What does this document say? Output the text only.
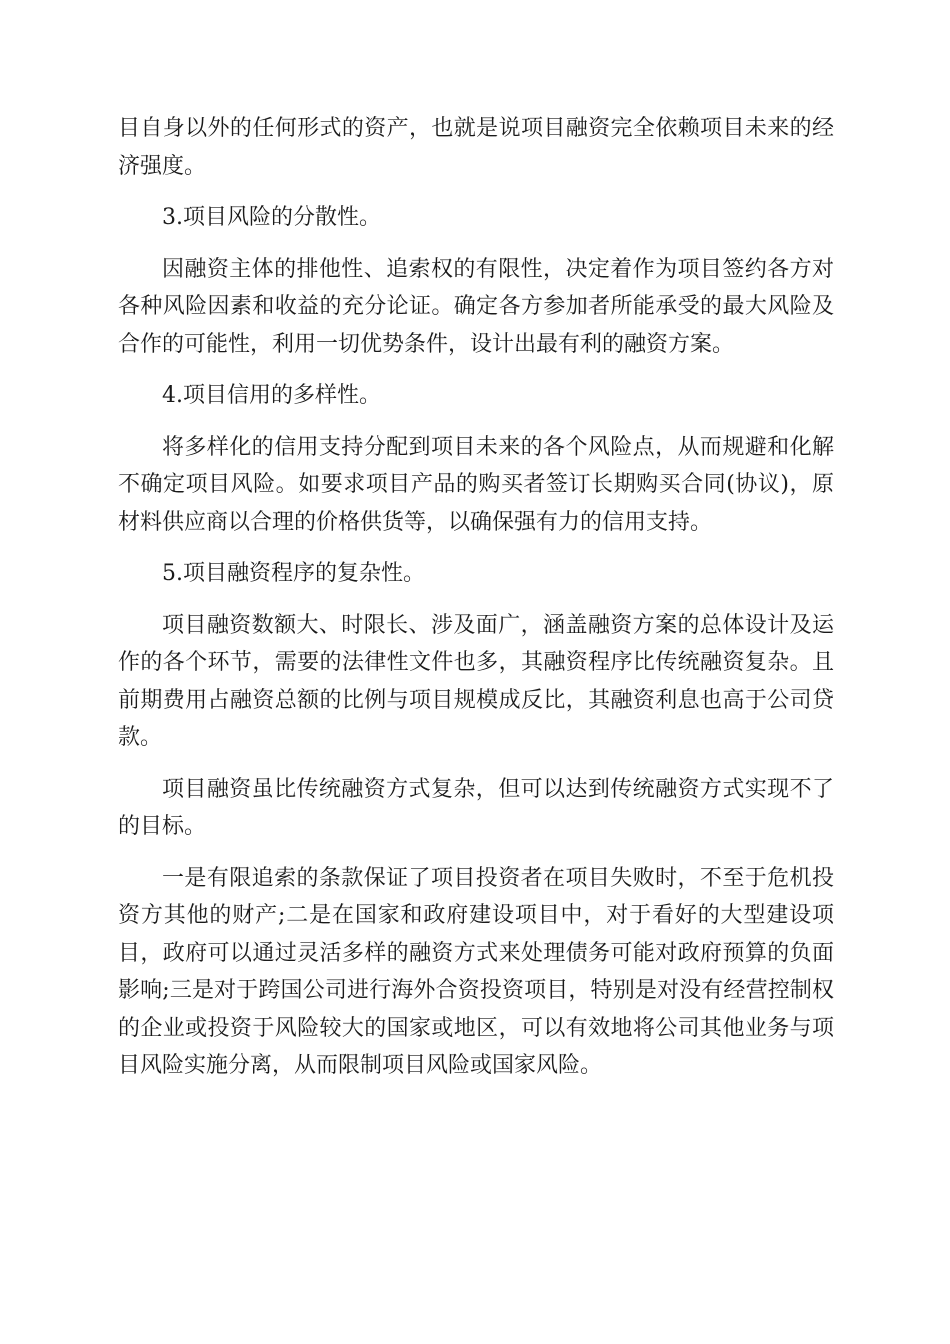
目自身以外的任何形式的资产，也就是说项目融资完全依赖项目未来的经济强度。

3.项目风险的分散性。

因融资主体的排他性、追索权的有限性，决定着作为项目签约各方对各种风险因素和收益的充分论证。确定各方参加者所能承受的最大风险及合作的可能性，利用一切优势条件，设计出最有利的融资方案。

4.项目信用的多样性。

将多样化的信用支持分配到项目未来的各个风险点，从而规避和化解不确定项目风险。如要求项目产品的购买者签订长期购买合同(协议)，原材料供应商以合理的价格供货等，以确保强有力的信用支持。

5.项目融资程序的复杂性。

项目融资数额大、时限长、涉及面广，涵盖融资方案的总体设计及运作的各个环节，需要的法律性文件也多，其融资程序比传统融资复杂。且前期费用占融资总额的比例与项目规模成反比，其融资利息也高于公司贷款。

项目融资虽比传统融资方式复杂，但可以达到传统融资方式实现不了的目标。

一是有限追索的条款保证了项目投资者在项目失败时，不至于危机投资方其他的财产;二是在国家和政府建设项目中，对于看好的大型建设项目，政府可以通过灵活多样的融资方式来处理债务可能对政府预算的负面影响;三是对于跨国公司进行海外合资投资项目，特别是对没有经营控制权的企业或投资于风险较大的国家或地区，可以有效地将公司其他业务与项目风险实施分离，从而限制项目风险或国家风险。
